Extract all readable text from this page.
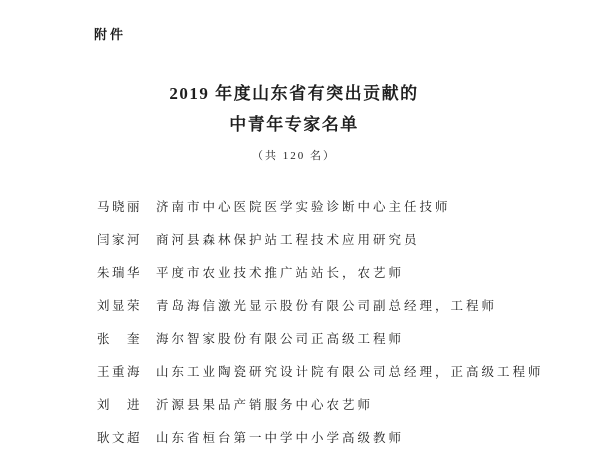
附件
2019 年度山东省有突出贡献的
中青年专家名单
（共 120 名）
马晓丽 济南市中心医院医学实验诊断中心主任技师
闫家河 商河县森林保护站工程技术应用研究员
朱瑞华 平度市农业技术推广站站长，农艺师
刘显荣 青岛海信激光显示股份有限公司副总经理，工程师
张　奎 海尔智家股份有限公司正高级工程师
王重海 山东工业陶瓷研究设计院有限公司总经理，正高级工程师
刘　进 沂源县果品产销服务中心农艺师
耿文超 山东省桓台第一中学中小学高级教师
